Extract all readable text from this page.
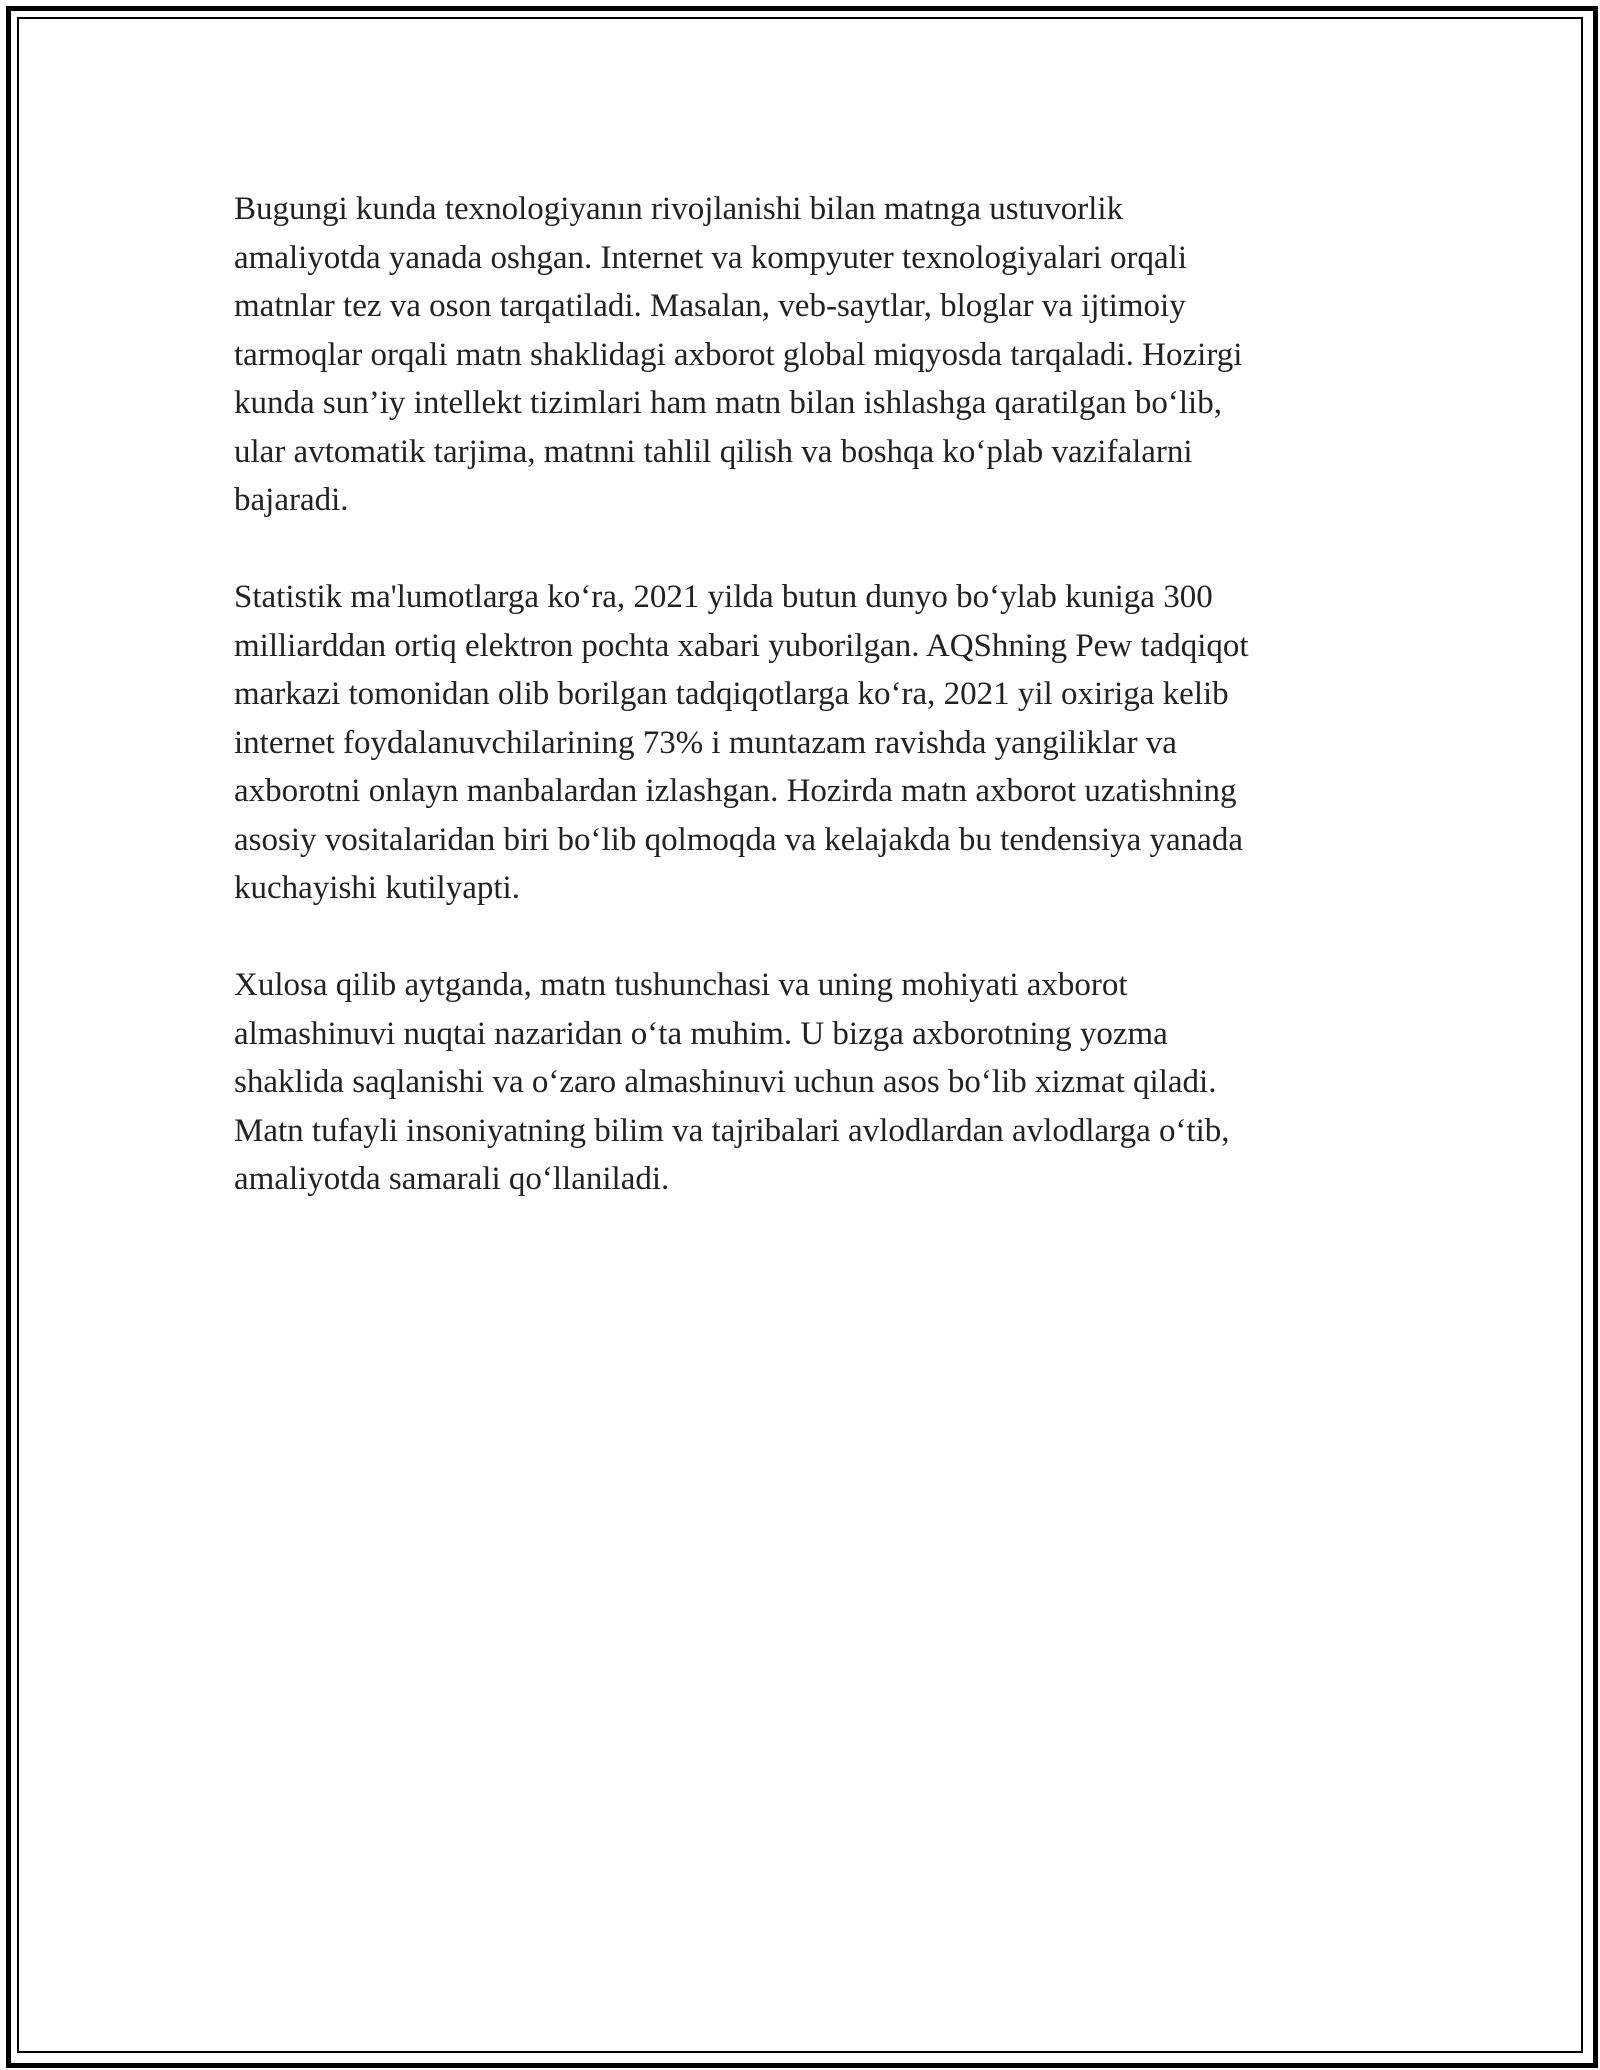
Bugungi kunda texnologiyanın rivojlanishi bilan matnga ustuvorlik
amaliyotda yanada oshgan. Internet va kompyuter texnologiyalari orqali
matnlar tez va oson tarqatiladi. Masalan, veb-saytlar, bloglar va ijtimoiy
tarmoqlar orqali matn shaklidagi axborot global miqyosda tarqaladi. Hozirgi
kunda sun’iy intellekt tizimlari ham matn bilan ishlashga qaratilgan bo‘lib,
ular avtomatik tarjima, matnni tahlil qilish va boshqa ko‘plab vazifalarni
bajaradi.

Statistik ma'lumotlarga ko‘ra, 2021 yilda butun dunyo bo‘ylab kuniga 300
milliarddan ortiq elektron pochta xabari yuborilgan. AQShning Pew tadqiqot
markazi tomonidan olib borilgan tadqiqotlarga ko‘ra, 2021 yil oxiriga kelib
internet foydalanuvchilarining 73% i muntazam ravishda yangiliklar va
axborotni onlayn manbalardan izlashgan. Hozirda matn axborot uzatishning
asosiy vositalaridan biri bo‘lib qolmoqda va kelajakda bu tendensiya yanada
kuchayishi kutilyapti.

Xulosa qilib aytganda, matn tushunchasi va uning mohiyati axborot
almashinuvi nuqtai nazaridan o‘ta muhim. U bizga axborotning yozma
shaklida saqlanishi va o‘zaro almashinuvi uchun asos bo‘lib xizmat qiladi.
Matn tufayli insoniyatning bilim va tajribalari avlodlardan avlodlarga o‘tib,
amaliyotda samarali qo‘llaniladi.
